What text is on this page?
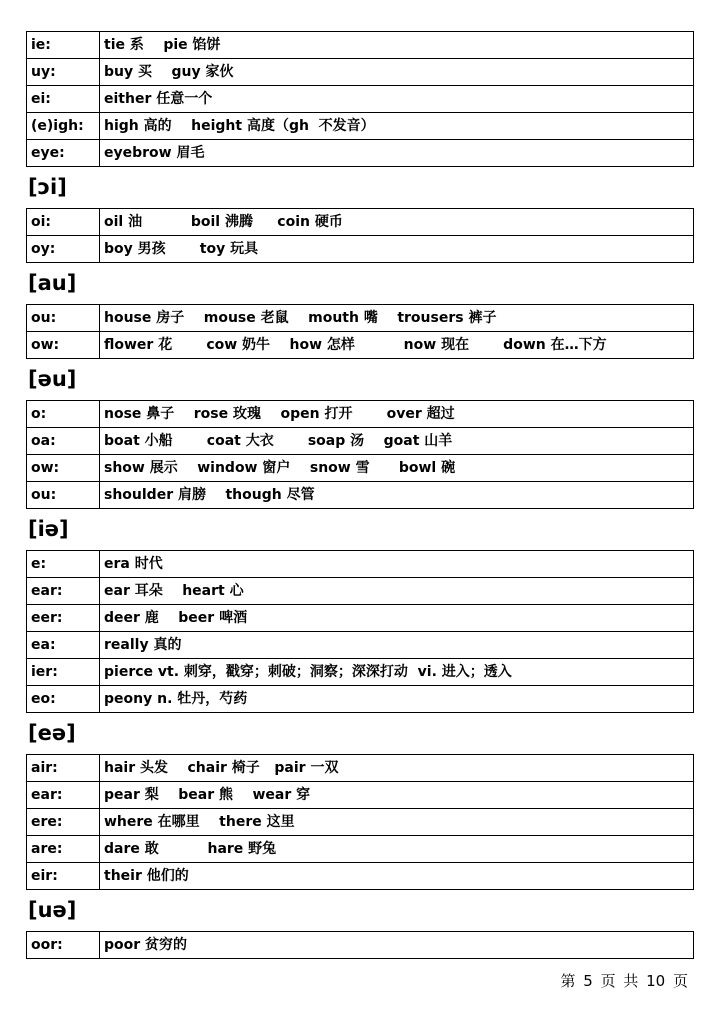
ie:	tie 系    pie 馅饼
uy:	buy 买    guy 家伙
ei:	either 任意一个
(e)igh:	high 高的    height 高度（gh  不发音）
eye:	eyebrow 眉毛
[ɔi]
oi:	oil 油          boil 沸腾     coin 硬币
oy:	boy 男孩       toy 玩具
[au]
ou:	house 房子    mouse 老鼠    mouth 嘴    trousers 裤子
ow:	flower 花       cow 奶牛    how 怎样          now 现在       down 在…下方
[əu]
o:	nose 鼻子    rose 玫瑰    open 打开       over 超过
oa:	boat 小船       coat 大衣       soap 汤    goat 山羊
ow:	show 展示    window 窗户    snow 雪      bowl 碗
ou:	shoulder 肩膀    though 尽管
[iə]
e:	era 时代
ear:	ear 耳朵    heart 心
eer:	deer 鹿    beer 啤酒
ea:	really 真的
ier:	pierce vt. 刺穿，戳穿；刺破；洞察；深深打动  vi. 进入；透入
eo:	peony n. 牡丹，芍药
[eə]
air:	hair 头发    chair 椅子   pair 一双
ear:	pear 梨    bear 熊    wear 穿
ere:	where 在哪里    there 这里
are:	dare 敢          hare 野兔
eir:	their 他们的
[uə]
oor:	poor 贫穷的
第 5 页 共 10 页
